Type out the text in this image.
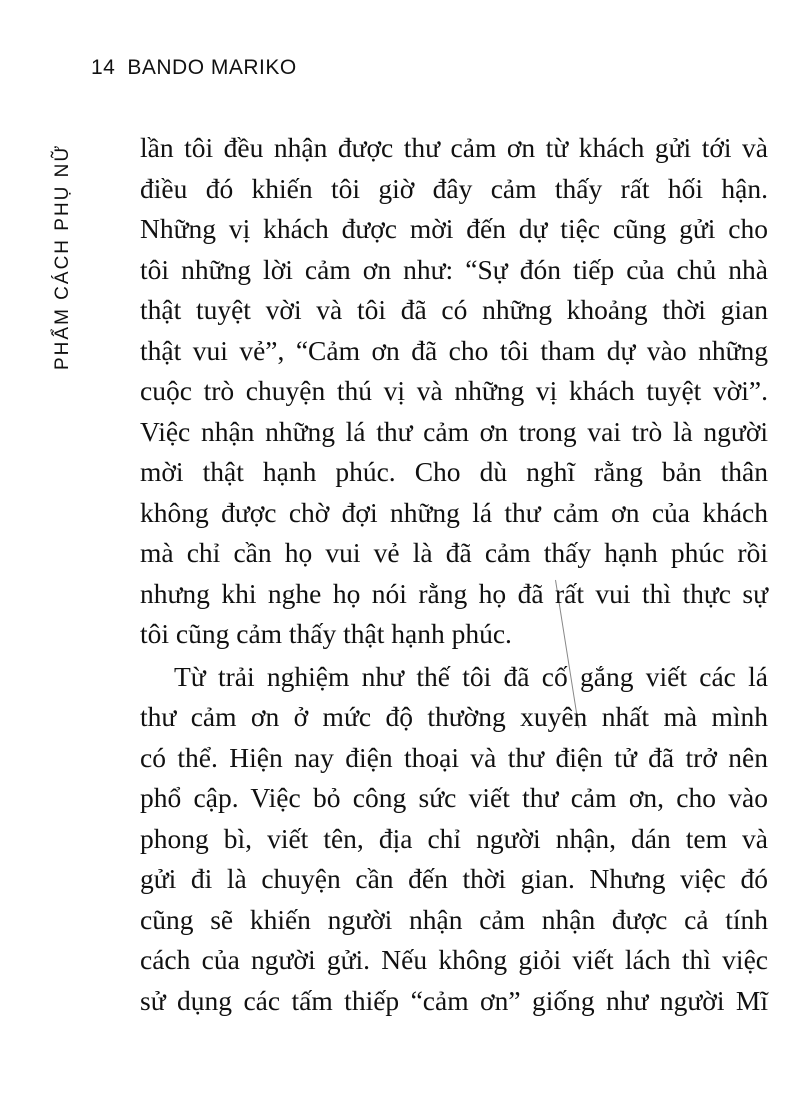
14 BANDO MARIKO
PHẨM CÁCH PHỤ NỮ lần tôi đều nhận được thư cảm ơn từ khách gửi tới và
điều đó khiến tôi giờ đây cảm thấy rất hối hận.
Những vị khách được mời đến dự tiệc cũng gửi cho
tôi những lời cảm ơn như: “Sự đón tiếp của chủ nhà
thật tuyệt vời và tôi đã có những khoảng thời gian
thật vui vẻ”, “Cảm ơn đã cho tôi tham dự vào những
cuộc trò chuyện thú vị và những vị khách tuyệt vời”.
Việc nhận những lá thư cảm ơn trong vai trò là người
mời thật hạnh phúc. Cho dù nghĩ rằng bản thân
không được chờ đợi những lá thư cảm ơn của khách
mà chỉ cần họ vui vẻ là đã cảm thấy hạnh phúc rồi
nhưng khi nghe họ nói rằng họ đã rất vui thì thực sự
tôi cũng cảm thấy thật hạnh phúc.
Từ trải nghiệm như thế tôi đã cố gắng viết các lá
thư cảm ơn ở mức độ thường xuyên nhất mà mình
có thể. Hiện nay điện thoại và thư điện tử đã trở nên
phổ cập. Việc bỏ công sức viết thư cảm ơn, cho vào
phong bì, viết tên, địa chỉ người nhận, dán tem và
gửi đi là chuyện cần đến thời gian. Nhưng việc đó
cũng sẽ khiến người nhận cảm nhận được cả tính
cách của người gửi. Nếu không giỏi viết lách thì việc
sử dụng các tấm thiếp “cảm ơn” giống như người Mĩ
